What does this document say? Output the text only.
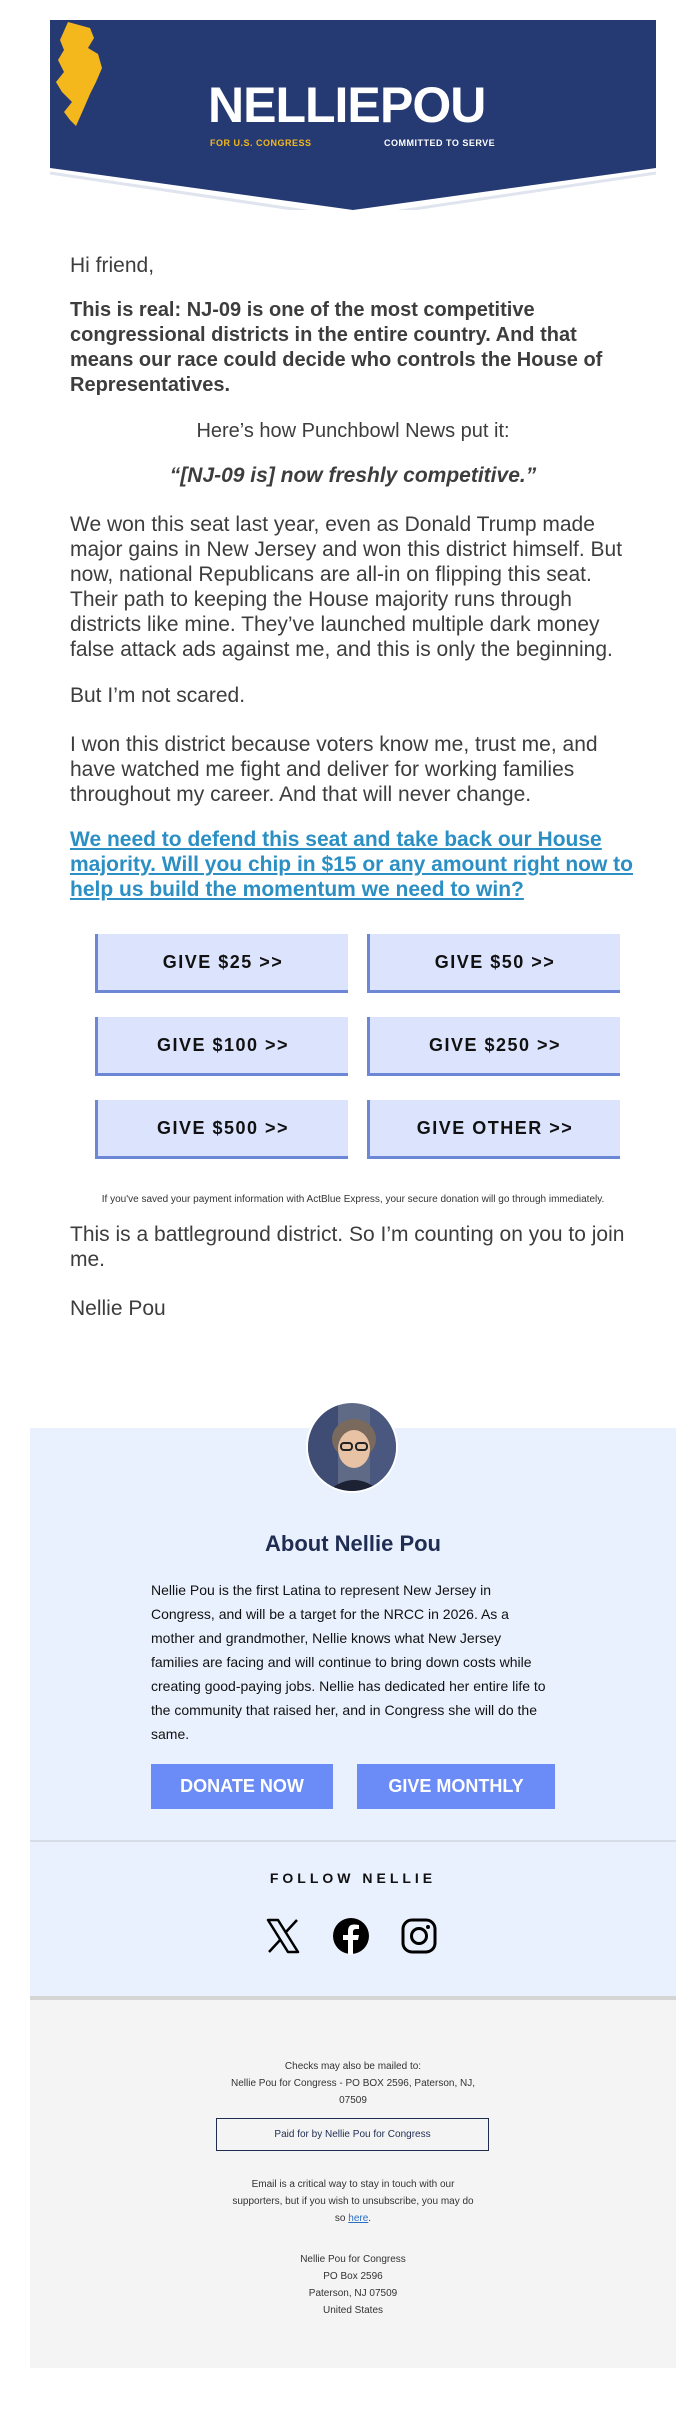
NELLIE POU
FOR U.S. CONGRESS	COMMITTED TO SERVE

Hi friend,

This is real: NJ-09 is one of the most competitive congressional districts in the entire country. And that means our race could decide who controls the House of Representatives.

Here’s how Punchbowl News put it:

“[NJ-09 is] now freshly competitive.”

We won this seat last year, even as Donald Trump made major gains in New Jersey and won this district himself. But now, national Republicans are all-in on flipping this seat. Their path to keeping the House majority runs through districts like mine. They’ve launched multiple dark money false attack ads against me, and this is only the beginning.

But I’m not scared.

I won this district because voters know me, trust me, and have watched me fight and deliver for working families throughout my career. And that will never change.

We need to defend this seat and take back our House majority. Will you chip in $15 or any amount right now to help us build the momentum we need to win?

GIVE $25 >>	GIVE $50 >>
GIVE $100 >>	GIVE $250 >>
GIVE $500 >>	GIVE OTHER >>
If you've saved your payment information with ActBlue Express, your secure donation will go through immediately.

This is a battleground district. So I’m counting on you to join me.

Nellie Pou

About Nellie Pou

Nellie Pou is the first Latina to represent New Jersey in Congress, and will be a target for the NRCC in 2026. As a mother and grandmother, Nellie knows what New Jersey families are facing and will continue to bring down costs while creating good-paying jobs. Nellie has dedicated her entire life to the community that raised her, and in Congress she will do the same.

DONATE NOW	GIVE MONTHLY
FOLLOW NELLIE
Checks may also be mailed to:
Nellie Pou for Congress - PO BOX 2596, Paterson, NJ,
07509
Paid for by Nellie Pou for Congress
Email is a critical way to stay in touch with our
supporters, but if you wish to unsubscribe, you may do
so here.
Nellie Pou for Congress
PO Box 2596
Paterson, NJ 07509
United States
